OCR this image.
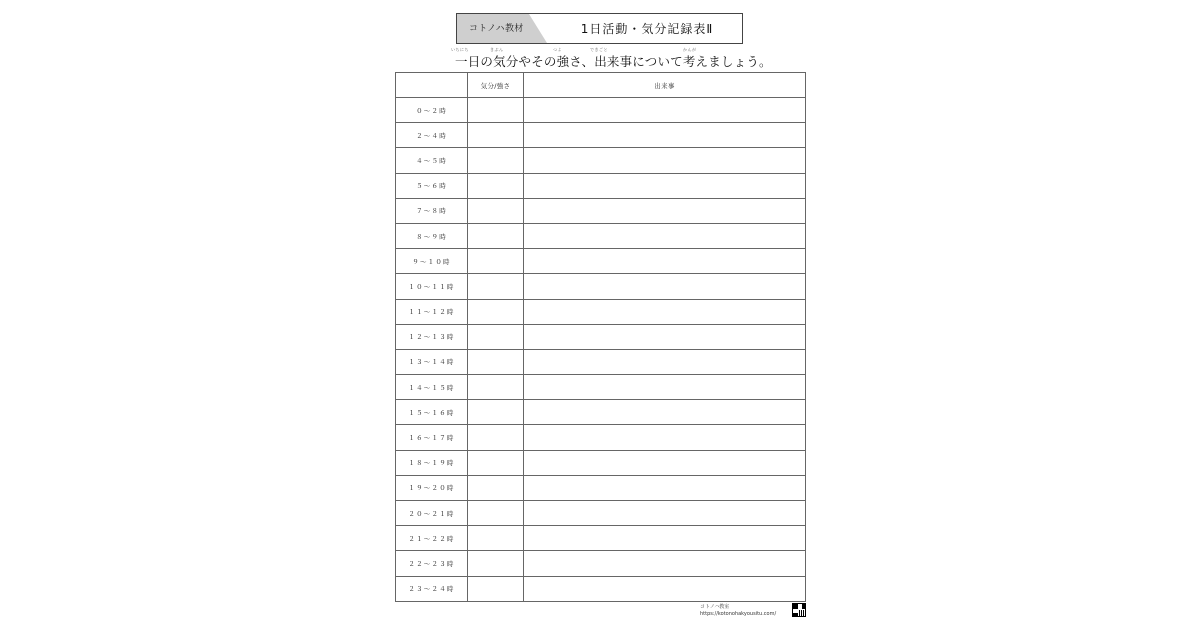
コトノハ教材	1日活動・気分記録表Ⅱ
いちにち	きぶん	つよ	できごと	かんが
一日の気分やその強さ、出来事について考えましょう。
	気分/強さ	出来事
０～２時		
２～４時		
４～５時		
５～６時		
７～８時		
８～９時		
９～１０時		
１０～１１時		
１１～１２時		
１２～１３時		
１３～１４時		
１４～１５時		
１５～１６時		
１６～１７時		
１８～１９時		
１９～２０時		
２０～２１時		
２１～２２時		
２２～２３時		
２３～２４時		
コトノハ教室
https://kotonohakyousitu.com/
